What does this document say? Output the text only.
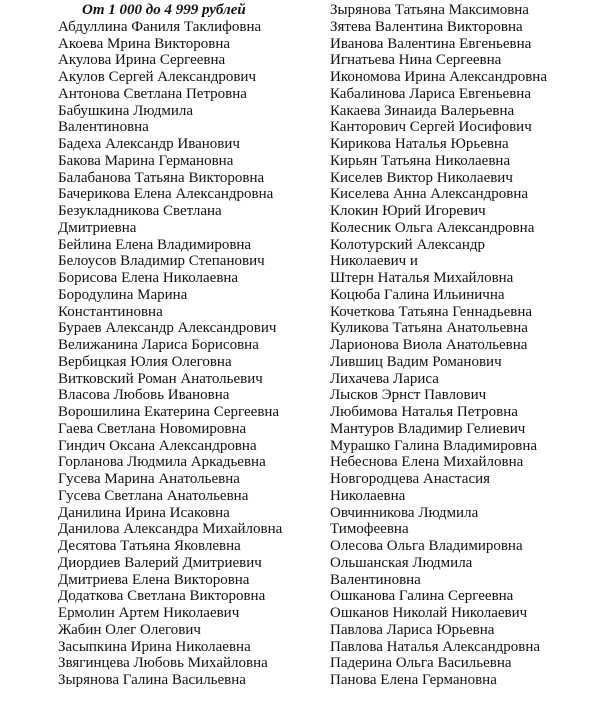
От 1 000 до 4 999 рублей
Абдуллина Фаниля Таклифовна
Акоева Мрина Викторовна
Акулова Ирина Сергеевна
Акулов Сергей Александрович
Антонова Светлана Петровна
Бабушкина Людмила
Валентиновна
Бадеха Александр Иванович
Бакова Марина Германовна
Балабанова Татьяна Викторовна
Бачерикова Елена Александровна
Безукладникова Светлана
Дмитриевна
Бейлина Елена Владимировна
Белоусов Владимир Степанович
Борисова Елена Николаевна
Бородулина Марина
Константиновна
Бураев Александр Александрович
Велижанина Лариса Борисовна
Вербицкая Юлия Олеговна
Витковский Роман Анатольевич
Власова Любовь Ивановна
Ворошилина Екатерина Сергеевна
Гаева Светлана Новомировна
Гиндич Оксана Александровна
Горланова Людмила Аркадьевна
Гусева Марина Анатольевна
Гусева Светлана Анатольевна
Данилина Ирина Исаковна
Данилова Александра Михайловна
Десятова Татьяна Яковлевна
Диордиев Валерий Дмитриевич
Дмитриева Елена Викторовна
Додаткова Светлана Викторовна
Ермолин Артем Николаевич
Жабин Олег Олегович
Засыпкина Ирина Николаевна
Звягинцева Любовь Михайловна
Зырянова Галина Васильевна
Зырянова Татьяна Максимовна
Зятева Валентина Викторовна
Иванова Валентина Евгеньевна
Игнатьева Нина Сергеевна
Икономова Ирина Александровна
Кабалинова Лариса Евгеньевна
Какаева Зинаида Валерьевна
Канторович Сергей Иосифович
Кирикова Наталья Юрьевна
Кирьян Татьяна Николаевна
Киселев Виктор Николаевич
Киселева Анна Александровна
Клокин Юрий Игоревич
Колесник Ольга Александровна
Колотурский Александр
Николаевич и
Штерн Наталья Михайловна
Коцюба Галина Ильинична
Кочеткова Татьяна Геннадьевна
Куликова Татьяна Анатольевна
Ларионова Виола Анатольевна
Лившиц Вадим Романович
Лихачева Лариса
Лысков Эрнст Павлович
Любимова Наталья Петровна
Мантуров Владимир Гелиевич
Мурашко Галина Владимировна
Небеснова Елена Михайловна
Новгородцева Анастасия
Николаевна
Овчинникова Людмила
Тимофеевна
Олесова Ольга Владимировна
Ольшанская Людмила
Валентиновна
Ошканова Галина Сергеевна
Ошканов Николай Николаевич
Павлова Лариса Юрьевна
Павлова Наталья Александровна
Падерина Ольга Васильевна
Панова Елена Германовна
